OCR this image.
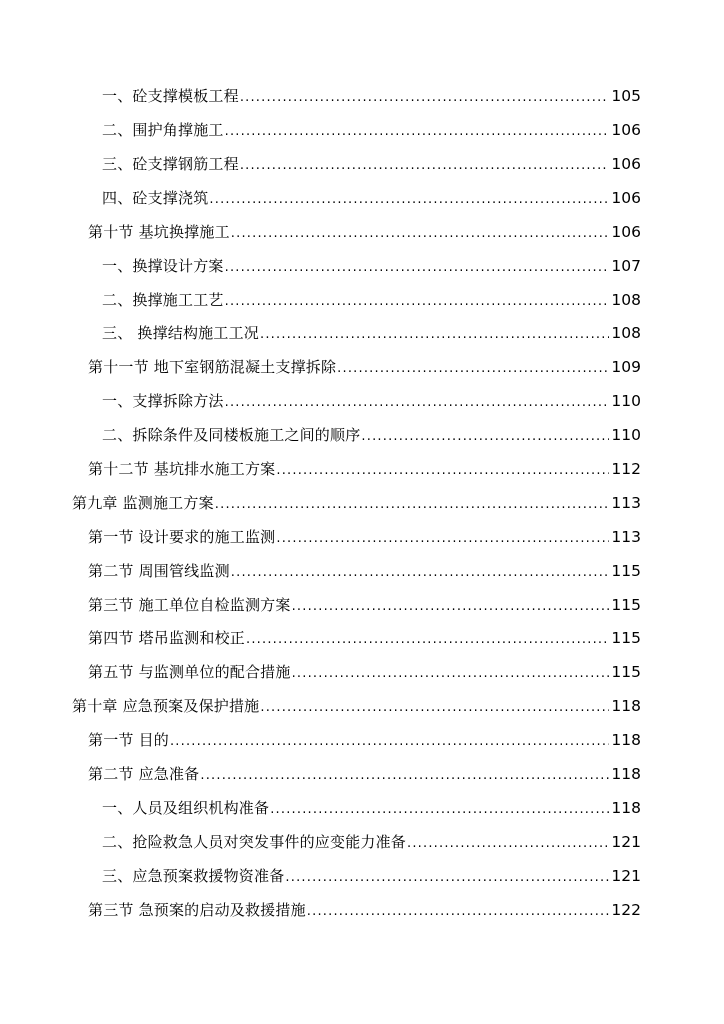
一、砼支撑模板工程 .....	105
二、围护角撑施工 .....	106
三、砼支撑钢筋工程 .....	106
四、砼支撑浇筑 .....	106
第十节 基坑换撑施工 .....	106
一、换撑设计方案 .....	107
二、换撑施工工艺 .....	108
三、 换撑结构施工工况 .....	108
第十一节 地下室钢筋混凝土支撑拆除 .....	109
一、支撑拆除方法 .....	110
二、拆除条件及同楼板施工之间的顺序 .....	110
第十二节 基坑排水施工方案 .....	112
第九章 监测施工方案 .....	113
第一节 设计要求的施工监测 .....	113
第二节 周围管线监测 .....	115
第三节 施工单位自检监测方案 .....	115
第四节 塔吊监测和校正 .....	115
第五节 与监测单位的配合措施 .....	115
第十章 应急预案及保护措施 .....	118
第一节 目的 .....	118
第二节 应急准备 .....	118
一、人员及组织机构准备 .....	118
二、抢险救急人员对突发事件的应变能力准备 .....	121
三、应急预案救援物资准备 .....	121
第三节 急预案的启动及救援措施 .....	122
